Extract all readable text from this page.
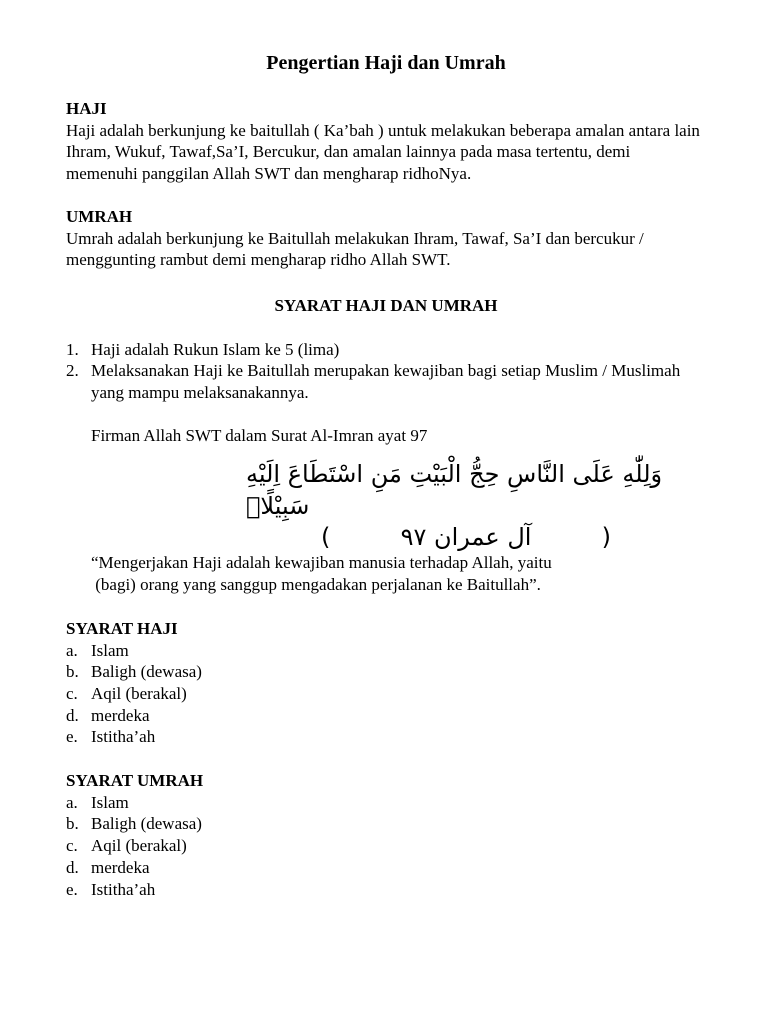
Pengertian Haji dan Umrah
HAJI

Haji adalah berkunjung ke baitullah ( Ka’bah ) untuk melakukan beberapa amalan antara lain Ihram, Wukuf, Tawaf,Sa’I, Bercukur, dan amalan lainnya pada masa tertentu, demi memenuhi panggilan Allah SWT dan mengharap ridhoNya.

UMRAH

Umrah adalah berkunjung ke Baitullah melakukan Ihram, Tawaf, Sa’I dan bercukur / menggunting rambut demi mengharap ridho Allah SWT.

SYARAT HAJI DAN UMRAH
1. Haji adalah Rukun Islam ke 5 (lima)
2. Melaksanakan Haji ke Baitullah merupakan kewajiban bagi setiap Muslim / Muslimah yang mampu melaksanakannya.

Firman Allah SWT dalam Surat Al-Imran ayat 97

وَلِلّٰهِ عَلَى النَّاسِ حِجُّ الْبَيْتِ مَنِ اسْتَطَاعَ اِلَيْهِ سَبِيْلًاۗ
(
آل عمران ٩٧
)

“Mengerjakan Haji adalah kewajiban manusia terhadap Allah, yaitu

(bagi) orang yang sanggup mengadakan perjalanan ke Baitullah”.

SYARAT HAJI
a. Islam
b. Baligh (dewasa)
c. Aqil (berakal)
d. merdeka
e. Istitha’ah
SYARAT UMRAH
a. Islam
b. Baligh (dewasa)
c. Aqil (berakal)
d. merdeka
e. Istitha’ah
